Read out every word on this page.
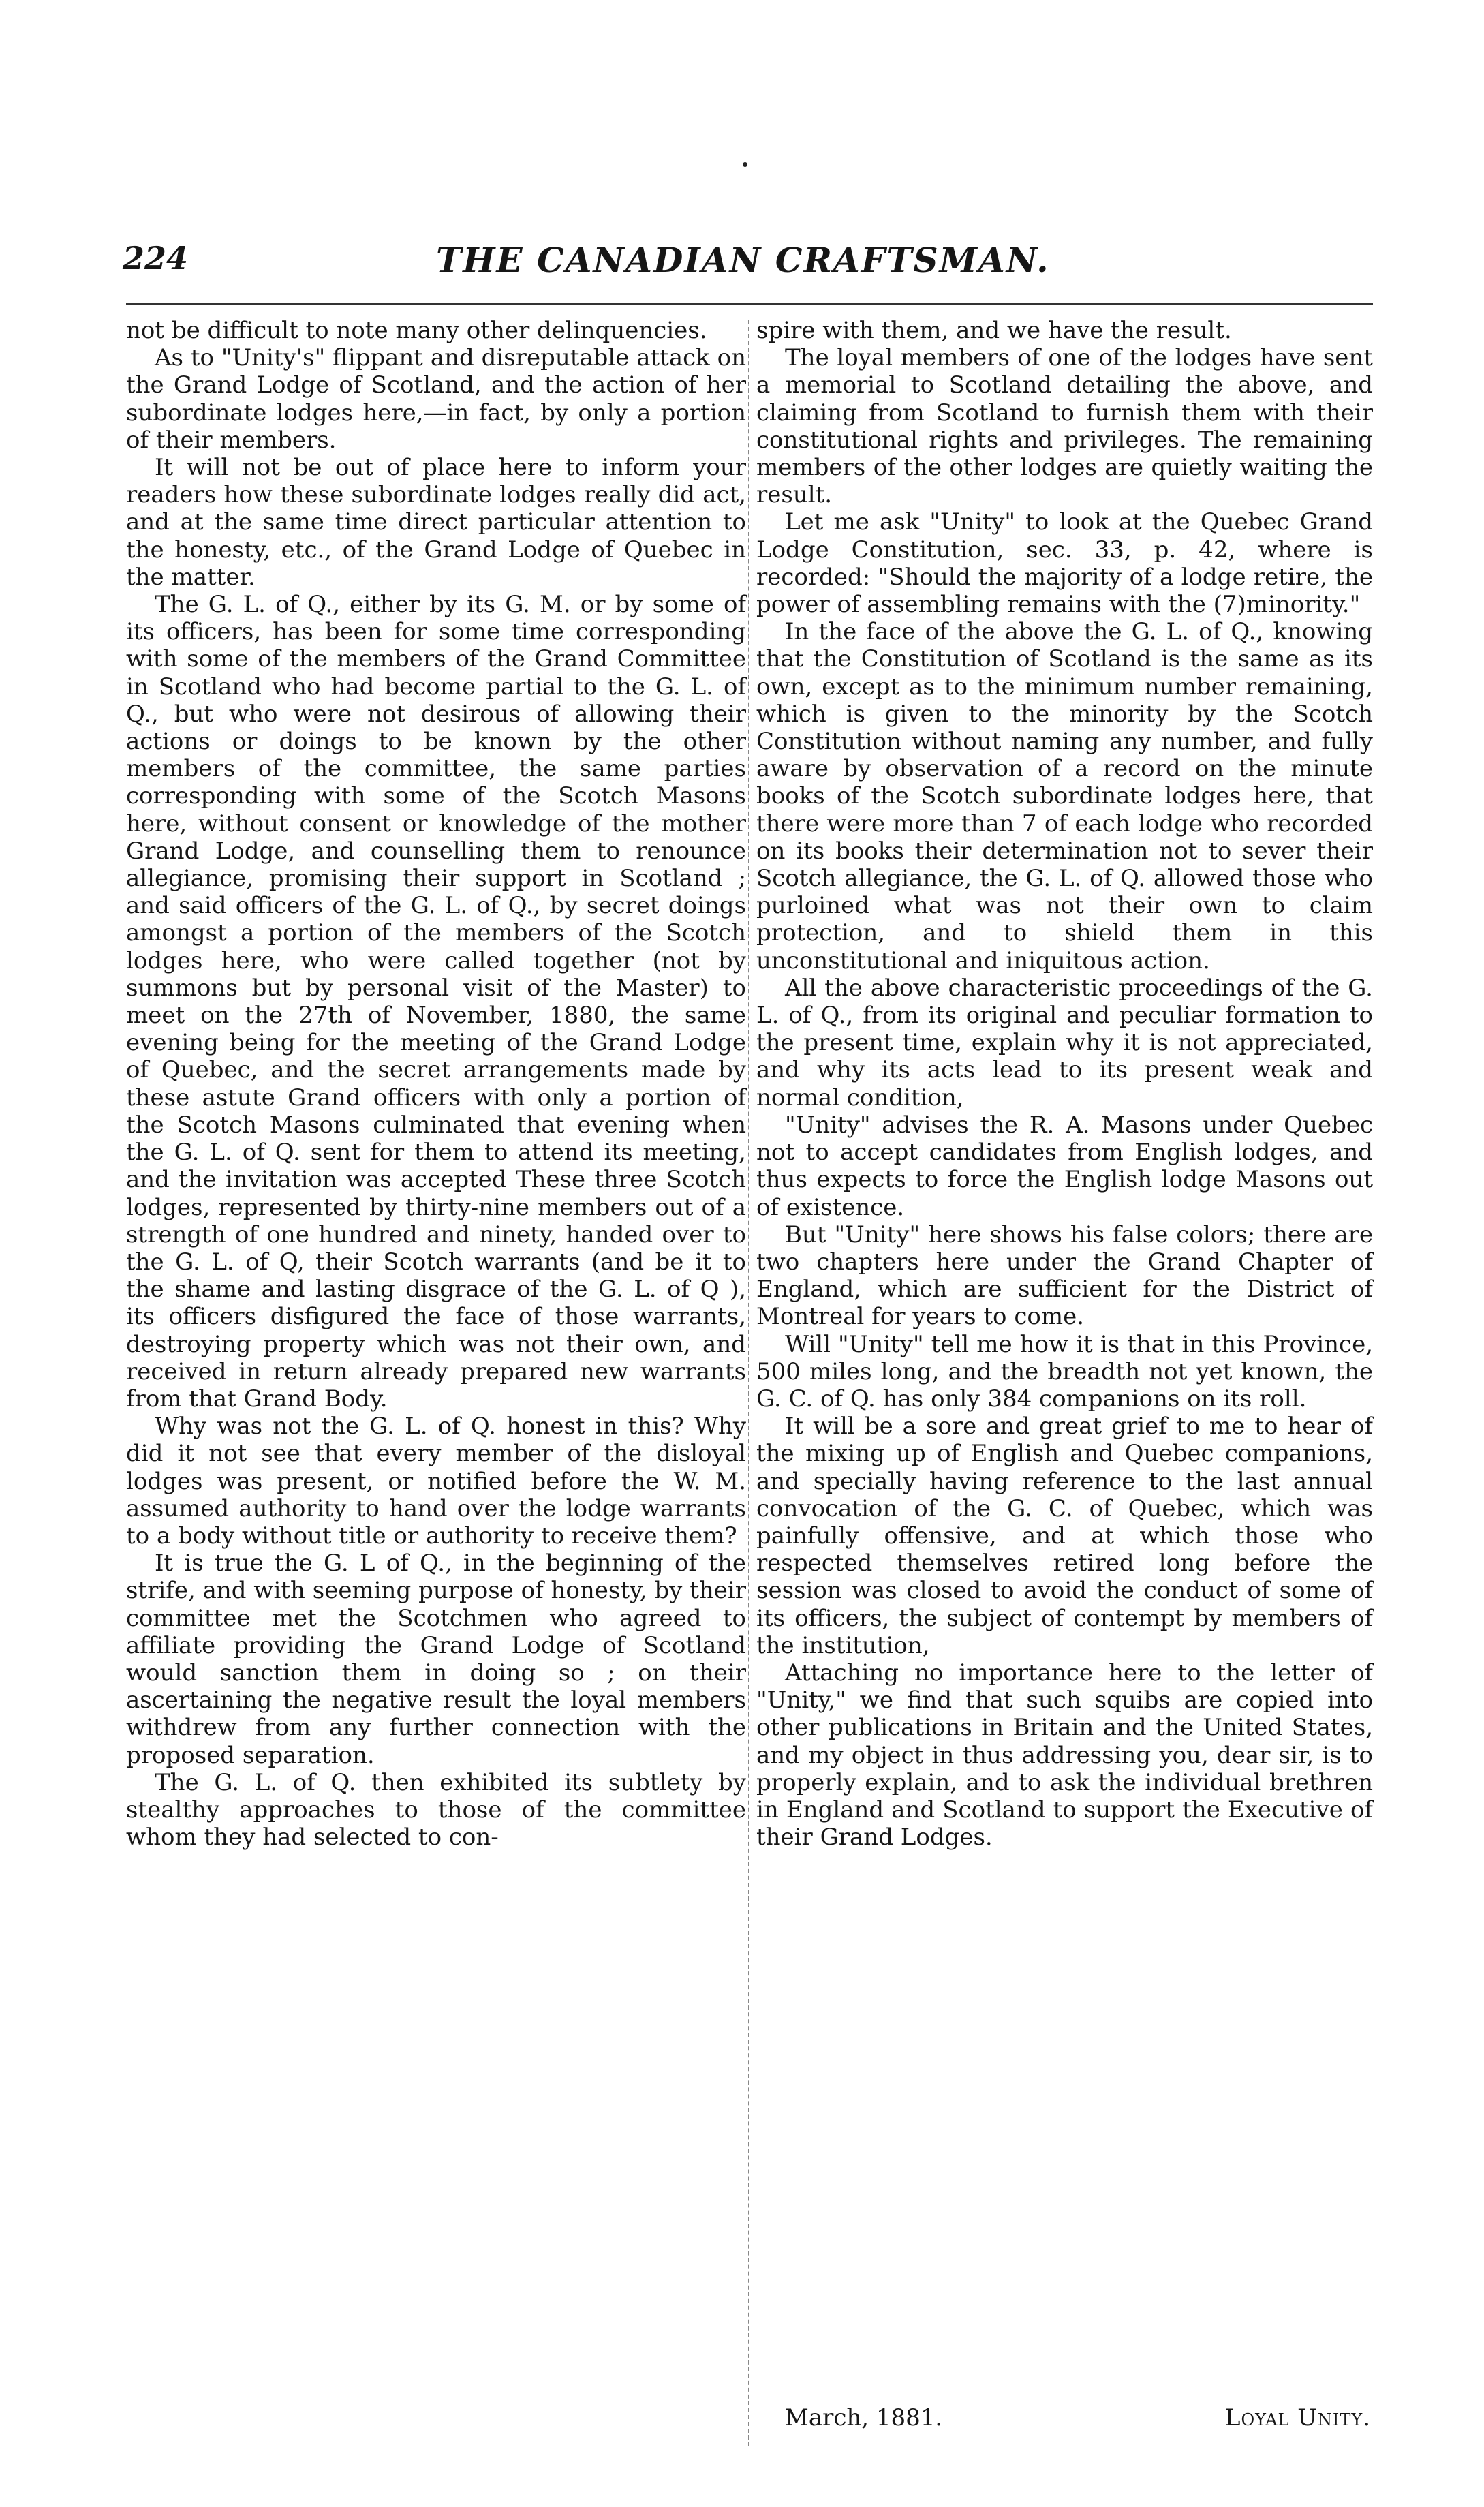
224	THE CANADIAN CRAFTSMAN.

not be difficult to note many other delinquencies.

As to "Unity's" flippant and disreputable attack on the Grand Lodge of Scotland, and the action of her subordinate lodges here,—in fact, by only a portion of their members.

It will not be out of place here to inform your readers how these subordinate lodges really did act, and at the same time direct particular attention to the honesty, etc., of the Grand Lodge of Quebec in the matter.

The G. L. of Q., either by its G. M. or by some of its officers, has been for some time corresponding with some of the members of the Grand Committee in Scotland who had become partial to the G. L. of Q., but who were not desirous of allowing their actions or doings to be known by the other members of the committee, the same parties corresponding with some of the Scotch Masons here, without consent or knowledge of the mother Grand Lodge, and counselling them to renounce allegiance, promising their support in Scotland ; and said officers of the G. L. of Q., by secret doings amongst a portion of the members of the Scotch lodges here, who were called together (not by summons but by personal visit of the Master) to meet on the 27th of November, 1880, the same evening being for the meeting of the Grand Lodge of Quebec, and the secret arrangements made by these astute Grand officers with only a portion of the Scotch Masons culminated that evening when the G. L. of Q. sent for them to attend its meeting, and the invitation was accepted These three Scotch lodges, represented by thirty-nine members out of a strength of one hundred and ninety, handed over to the G. L. of Q, their Scotch warrants (and be it to the shame and lasting disgrace of the G. L. of Q ), its officers disfigured the face of those warrants, destroying property which was not their own, and received in return already prepared new warrants from that Grand Body.

Why was not the G. L. of Q. honest in this? Why did it not see that every member of the disloyal lodges was present, or notified before the W. M. assumed authority to hand over the lodge warrants to a body without title or authority to receive them?

It is true the G. L of Q., in the beginning of the strife, and with seeming purpose of honesty, by their committee met the Scotchmen who agreed to affiliate providing the Grand Lodge of Scotland would sanction them in doing so ; on their ascertaining the negative result the loyal members withdrew from any further connection with the proposed separation.

The G. L. of Q. then exhibited its subtlety by stealthy approaches to those of the committee whom they had selected to con-

spire with them, and we have the result.

The loyal members of one of the lodges have sent a memorial to Scotland detailing the above, and claiming from Scotland to furnish them with their constitutional rights and privileges. The remaining members of the other lodges are quietly waiting the result.

Let me ask "Unity" to look at the Quebec Grand Lodge Constitution, sec. 33, p. 42, where is recorded: "Should the majority of a lodge retire, the power of assembling remains with the (7)minority."

In the face of the above the G. L. of Q., knowing that the Constitution of Scotland is the same as its own, except as to the minimum number remaining, which is given to the minority by the Scotch Constitution without naming any number, and fully aware by observation of a record on the minute books of the Scotch subordinate lodges here, that there were more than 7 of each lodge who recorded on its books their determination not to sever their Scotch allegiance, the G. L. of Q. allowed those who purloined what was not their own to claim protection, and to shield them in this unconstitutional and iniquitous action.

All the above characteristic proceedings of the G. L. of Q., from its original and peculiar formation to the present time, explain why it is not appreciated, and why its acts lead to its present weak and normal condition,

"Unity" advises the R. A. Masons under Quebec not to accept candidates from English lodges, and thus expects to force the English lodge Masons out of existence.

But "Unity" here shows his false colors; there are two chapters here under the Grand Chapter of England, which are sufficient for the District of Montreal for years to come.

Will "Unity" tell me how it is that in this Province, 500 miles long, and the breadth not yet known, the G. C. of Q. has only 384 companions on its roll.

It will be a sore and great grief to me to hear of the mixing up of English and Quebec companions, and specially having reference to the last annual convocation of the G. C. of Quebec, which was painfully offensive, and at which those who respected themselves retired long before the session was closed to avoid the conduct of some of its officers, the subject of contempt by members of the institution,

Attaching no importance here to the letter of "Unity," we find that such squibs are copied into other publications in Britain and the United States, and my object in thus addressing you, dear sir, is to properly explain, and to ask the individual brethren in England and Scotland to support the Executive of their Grand Lodges.

March, 1881.	Loyal Unity.
